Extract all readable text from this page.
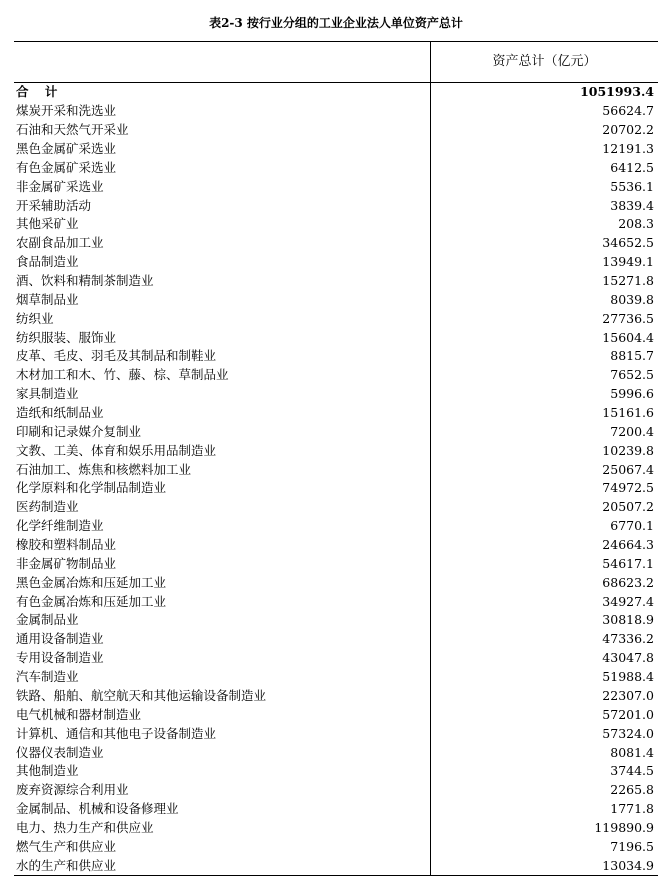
表2-3 按行业分组的工业企业法人单位资产总计
资产总计（亿元）
合 计	1051993.4
煤炭开采和洗选业	56624.7
石油和天然气开采业	20702.2
黑色金属矿采选业	12191.3
有色金属矿采选业	6412.5
非金属矿采选业	5536.1
开采辅助活动	3839.4
其他采矿业	208.3
农副食品加工业	34652.5
食品制造业	13949.1
酒、饮料和精制茶制造业	15271.8
烟草制品业	8039.8
纺织业	27736.5
纺织服装、服饰业	15604.4
皮革、毛皮、羽毛及其制品和制鞋业	8815.7
木材加工和木、竹、藤、棕、草制品业	7652.5
家具制造业	5996.6
造纸和纸制品业	15161.6
印刷和记录媒介复制业	7200.4
文教、工美、体育和娱乐用品制造业	10239.8
石油加工、炼焦和核燃料加工业	25067.4
化学原料和化学制品制造业	74972.5
医药制造业	20507.2
化学纤维制造业	6770.1
橡胶和塑料制品业	24664.3
非金属矿物制品业	54617.1
黑色金属冶炼和压延加工业	68623.2
有色金属冶炼和压延加工业	34927.4
金属制品业	30818.9
通用设备制造业	47336.2
专用设备制造业	43047.8
汽车制造业	51988.4
铁路、船舶、航空航天和其他运输设备制造业	22307.0
电气机械和器材制造业	57201.0
计算机、通信和其他电子设备制造业	57324.0
仪器仪表制造业	8081.4
其他制造业	3744.5
废弃资源综合利用业	2265.8
金属制品、机械和设备修理业	1771.8
电力、热力生产和供应业	119890.9
燃气生产和供应业	7196.5
水的生产和供应业	13034.9
